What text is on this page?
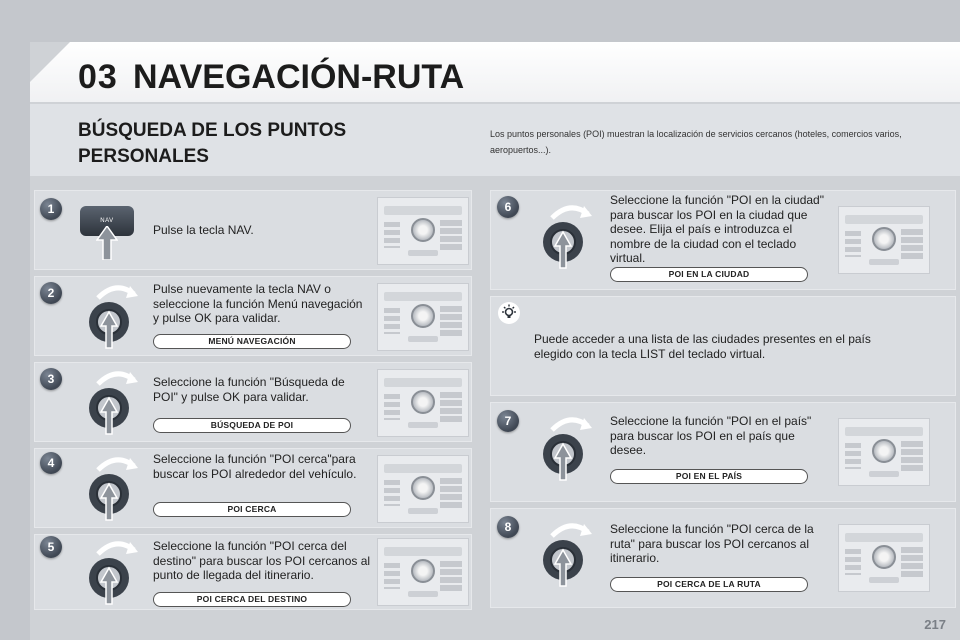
03 NAVEGACIÓN-RUTA
BÚSQUEDA DE LOS PUNTOS
PERSONALES
Los puntos personales (POI) muestran la localización de servicios cercanos (hoteles, comercios varios, aeropuertos...).
1
NAV
Pulse la tecla NAV.
2	Pulse nuevamente la tecla NAV o seleccione la función Menú navegación y pulse OK para validar.
MENÚ NAVEGACIÓN
3	Seleccione la función "Búsqueda de POI" y pulse OK para validar.
BÚSQUEDA DE POI
4	Seleccione la función "POI cerca"para buscar los POI alrededor del vehículo.
POI CERCA
5	Seleccione la función "POI cerca del destino" para buscar los POI cercanos al punto de llegada del itinerario.
POI CERCA DEL DESTINO
6	Seleccione la función "POI en la ciudad" para buscar los POI en la ciudad que desee. Elija el país e introduzca el nombre de la ciudad con el teclado virtual.
POI EN LA CIUDAD
Puede acceder a una lista de las ciudades presentes en el país elegido con la tecla LIST del teclado virtual.
7	Seleccione la función "POI en el país" para buscar los POI en el país que desee.
POI EN EL PAÍS
8	Seleccione la función "POI cerca de la ruta" para buscar los POI cercanos al itinerario.
POI CERCA DE LA RUTA
217
